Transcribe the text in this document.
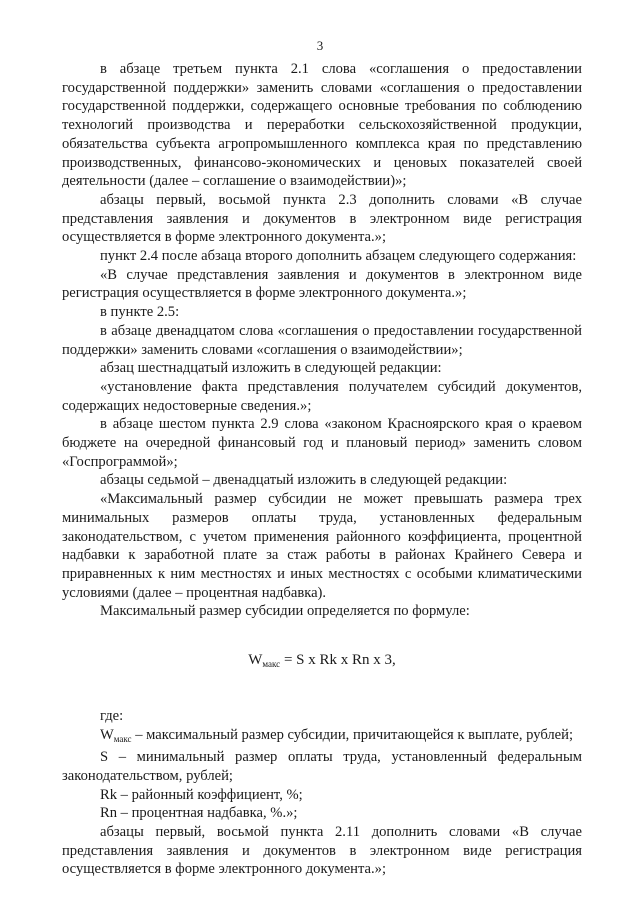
3

в абзаце третьем пункта 2.1 слова «соглашения о предоставлении государственной поддержки» заменить словами «соглашения о предоставлении государственной поддержки, содержащего основные требования по соблюдению технологий производства и переработки сельскохозяйственной продукции, обязательства субъекта агропромышленного комплекса края по представлению производственных, финансово-экономических и ценовых показателей своей деятельности (далее – соглашение о взаимодействии)»;

абзацы первый, восьмой пункта 2.3 дополнить словами «В случае представления заявления и документов в электронном виде регистрация осуществляется в форме электронного документа.»;

пункт 2.4 после абзаца второго дополнить абзацем следующего содержания:

«В случае представления заявления и документов в электронном виде регистрация осуществляется в форме электронного документа.»;

в пункте 2.5:

в абзаце двенадцатом слова «соглашения о предоставлении государственной поддержки» заменить словами «соглашения о взаимодействии»;

абзац шестнадцатый изложить в следующей редакции:

«установление факта представления получателем субсидий документов, содержащих недостоверные сведения.»;

в абзаце шестом пункта 2.9 слова «законом Красноярского края о краевом бюджете на очередной финансовый год и плановый период» заменить словом «Госпрограммой»;

абзацы седьмой – двенадцатый изложить в следующей редакции:

«Максимальный размер субсидии не может превышать размера трех минимальных размеров оплаты труда, установленных федеральным законодательством, с учетом применения районного коэффициента, процентной надбавки к заработной плате за стаж работы в районах Крайнего Севера и приравненных к ним местностях и иных местностях с особыми климатическими условиями (далее – процентная надбавка).

Максимальный размер субсидии определяется по формуле:

$W_{макс} = S$ x Rk x Rn x 3,

где:

$W_{макс}$ – максимальный размер субсидии, причитающейся к выплате, рублей;

S – минимальный размер оплаты труда, установленный федеральным законодательством, рублей;

Rk – районный коэффициент, %;

Rn – процентная надбавка, %.»;

абзацы первый, восьмой пункта 2.11 дополнить словами «В случае представления заявления и документов в электронном виде регистрация осуществляется в форме электронного документа.»;
